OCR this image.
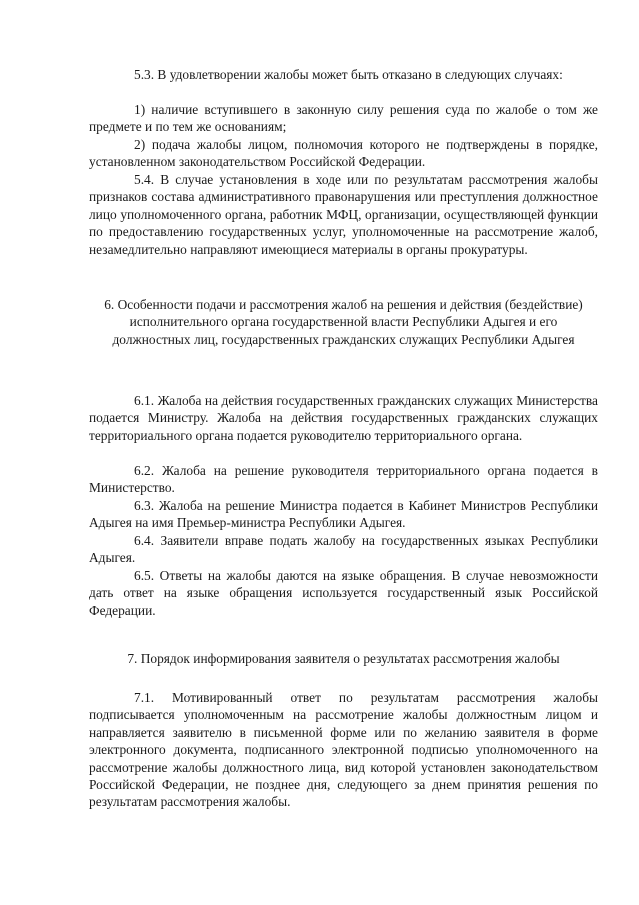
5.3. В удовлетворении жалобы может быть отказано в следующих случаях:

1) наличие вступившего в законную силу решения суда по жалобе о том же предмете и по тем же основаниям;

2) подача жалобы лицом, полномочия которого не подтверждены в порядке, установленном законодательством Российской Федерации.

5.4. В случае установления в ходе или по результатам рассмотрения жалобы признаков состава административного правонарушения или преступления должностное лицо уполномоченного органа, работник МФЦ, организации, осуществляющей функции по предоставлению государственных услуг, уполномоченные на рассмотрение жалоб, незамедлительно направляют имеющиеся материалы в органы прокуратуры.

6. Особенности подачи и рассмотрения жалоб на решения и действия (бездействие) исполнительного органа государственной власти Республики Адыгея и его должностных лиц, государственных гражданских служащих Республики Адыгея

6.1. Жалоба на действия государственных гражданских служащих Министерства подается Министру. Жалоба на действия государственных гражданских служащих территориального органа подается руководителю территориального органа.

6.2. Жалоба на решение руководителя территориального органа подается в Министерство.

6.3. Жалоба на решение Министра подается в Кабинет Министров Республики Адыгея на имя Премьер-министра Республики Адыгея.

6.4. Заявители вправе подать жалобу на государственных языках Республики Адыгея.

6.5. Ответы на жалобы даются на языке обращения. В случае невозможности дать ответ на языке обращения используется государственный язык Российской Федерации.

7. Порядок информирования заявителя о результатах рассмотрения жалобы

7.1. Мотивированный ответ по результатам рассмотрения жалобы подписывается уполномоченным на рассмотрение жалобы должностным лицом и направляется заявителю в письменной форме или по желанию заявителя в форме электронного документа, подписанного электронной подписью уполномоченного на рассмотрение жалобы должностного лица, вид которой установлен законодательством Российской Федерации, не позднее дня, следующего за днем принятия решения по результатам рассмотрения жалобы.
